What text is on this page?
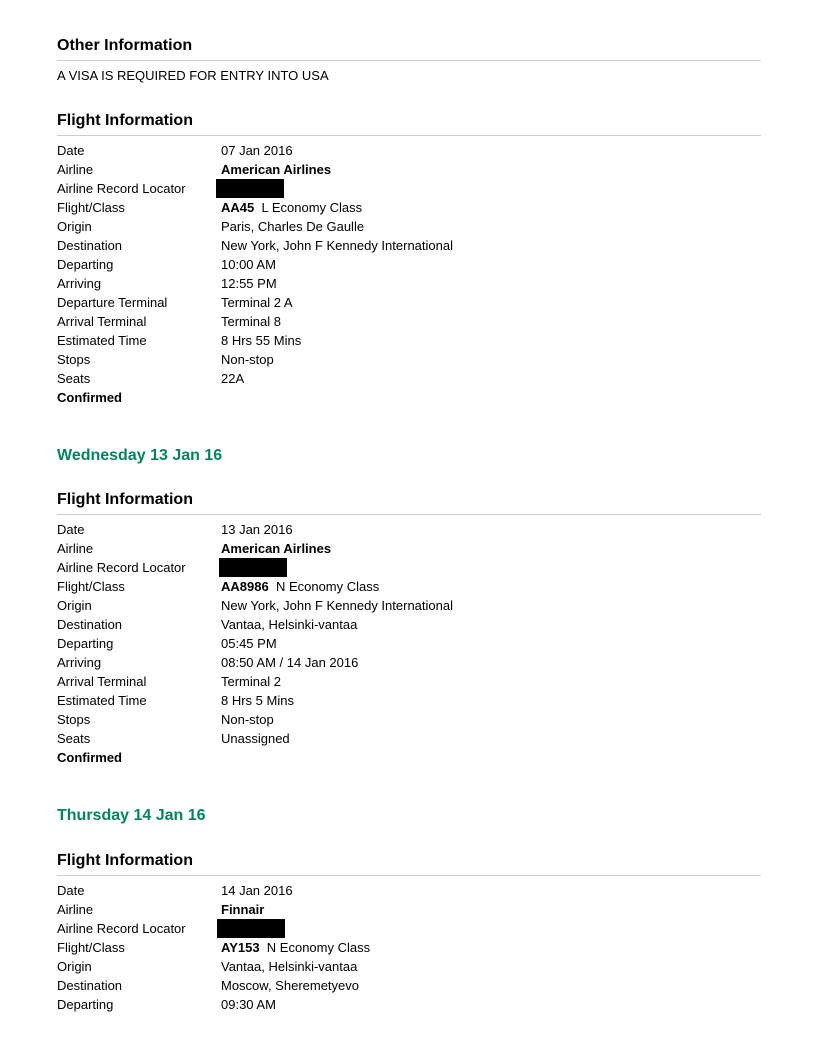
Other Information
A VISA IS REQUIRED FOR ENTRY INTO USA
Flight Information
Date	07 Jan 2016
Airline	American Airlines
Airline Record Locator
Flight/Class	AA45 L Economy Class
Origin	Paris, Charles De Gaulle
Destination	New York, John F Kennedy International
Departing	10:00 AM
Arriving	12:55 PM
Departure Terminal	Terminal 2 A
Arrival Terminal	Terminal 8
Estimated Time	8 Hrs 55 Mins
Stops	Non-stop
Seats	22A
Confirmed
Wednesday 13 Jan 16
Flight Information
Date	13 Jan 2016
Airline	American Airlines
Airline Record Locator
Flight/Class	AA8986 N Economy Class
Origin	New York, John F Kennedy International
Destination	Vantaa, Helsinki-vantaa
Departing	05:45 PM
Arriving	08:50 AM / 14 Jan 2016
Arrival Terminal	Terminal 2
Estimated Time	8 Hrs 5 Mins
Stops	Non-stop
Seats	Unassigned
Confirmed
Thursday 14 Jan 16
Flight Information
Date	14 Jan 2016
Airline	Finnair
Airline Record Locator
Flight/Class	AY153 N Economy Class
Origin	Vantaa, Helsinki-vantaa
Destination	Moscow, Sheremetyevo
Departing	09:30 AM
